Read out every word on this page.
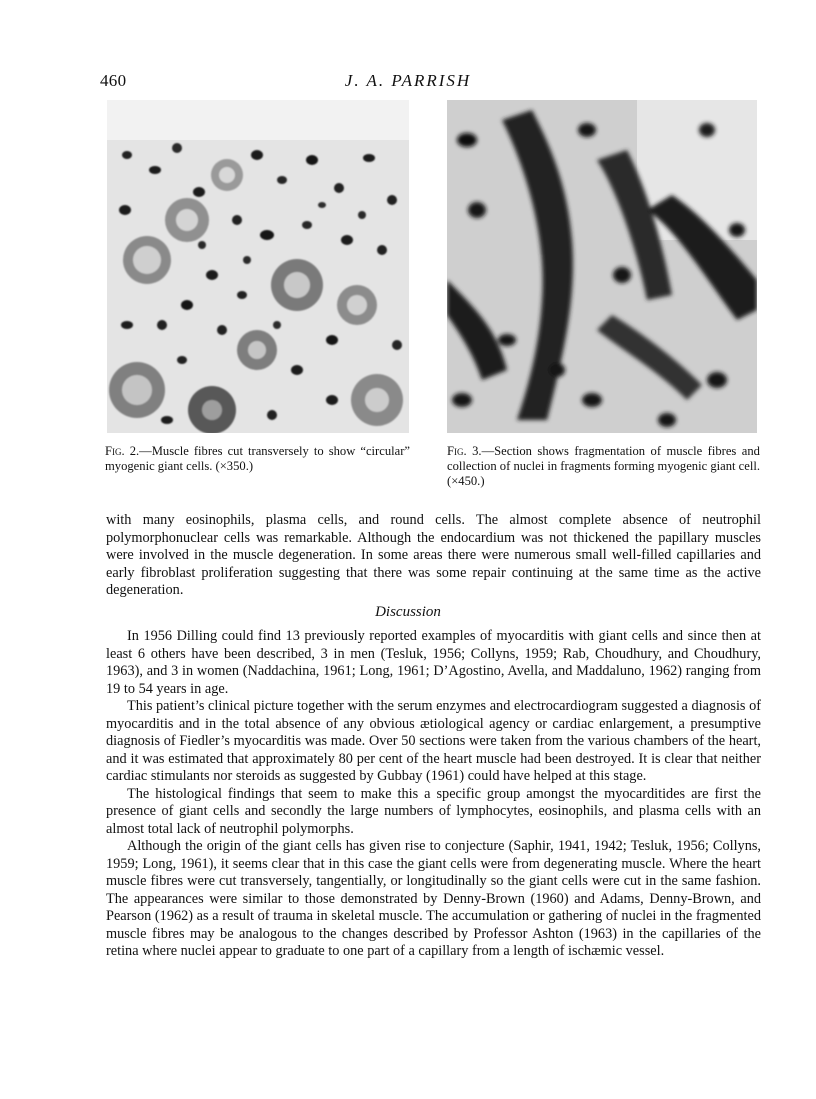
460	J. A. PARRISH
Fig. 2.—Muscle fibres cut transversely to show “circular” myogenic giant cells. (×350.)
Fig. 3.—Section shows fragmentation of muscle fibres and collection of nuclei in fragments forming myogenic giant cell. (×450.)

with many eosinophils, plasma cells, and round cells. The almost complete absence of neutrophil polymorphonuclear cells was remarkable. Although the endocardium was not thickened the papillary muscles were involved in the muscle degeneration. In some areas there were numerous small well-filled capillaries and early fibroblast proliferation suggesting that there was some repair continuing at the same time as the active degeneration.

Discussion

In 1956 Dilling could find 13 previously reported examples of myocarditis with giant cells and since then at least 6 others have been described, 3 in men (Tesluk, 1956; Collyns, 1959; Rab, Choudhury, and Choudhury, 1963), and 3 in women (Naddachina, 1961; Long, 1961; D’Agostino, Avella, and Maddaluno, 1962) ranging from 19 to 54 years in age.

This patient’s clinical picture together with the serum enzymes and electrocardiogram suggested a diagnosis of myocarditis and in the total absence of any obvious ætiological agency or cardiac enlargement, a presumptive diagnosis of Fiedler’s myocarditis was made. Over 50 sections were taken from the various chambers of the heart, and it was estimated that approximately 80 per cent of the heart muscle had been destroyed. It is clear that neither cardiac stimulants nor steroids as suggested by Gubbay (1961) could have helped at this stage.

The histological findings that seem to make this a specific group amongst the myocarditides are first the presence of giant cells and secondly the large numbers of lymphocytes, eosinophils, and plasma cells with an almost total lack of neutrophil polymorphs.

Although the origin of the giant cells has given rise to conjecture (Saphir, 1941, 1942; Tesluk, 1956; Collyns, 1959; Long, 1961), it seems clear that in this case the giant cells were from degenerating muscle. Where the heart muscle fibres were cut transversely, tangentially, or longitudinally so the giant cells were cut in the same fashion. The appearances were similar to those demonstrated by Denny-Brown (1960) and Adams, Denny-Brown, and Pearson (1962) as a result of trauma in skeletal muscle. The accumulation or gathering of nuclei in the fragmented muscle fibres may be analogous to the changes described by Professor Ashton (1963) in the capillaries of the retina where nuclei appear to graduate to one part of a capillary from a length of ischæmic vessel.
